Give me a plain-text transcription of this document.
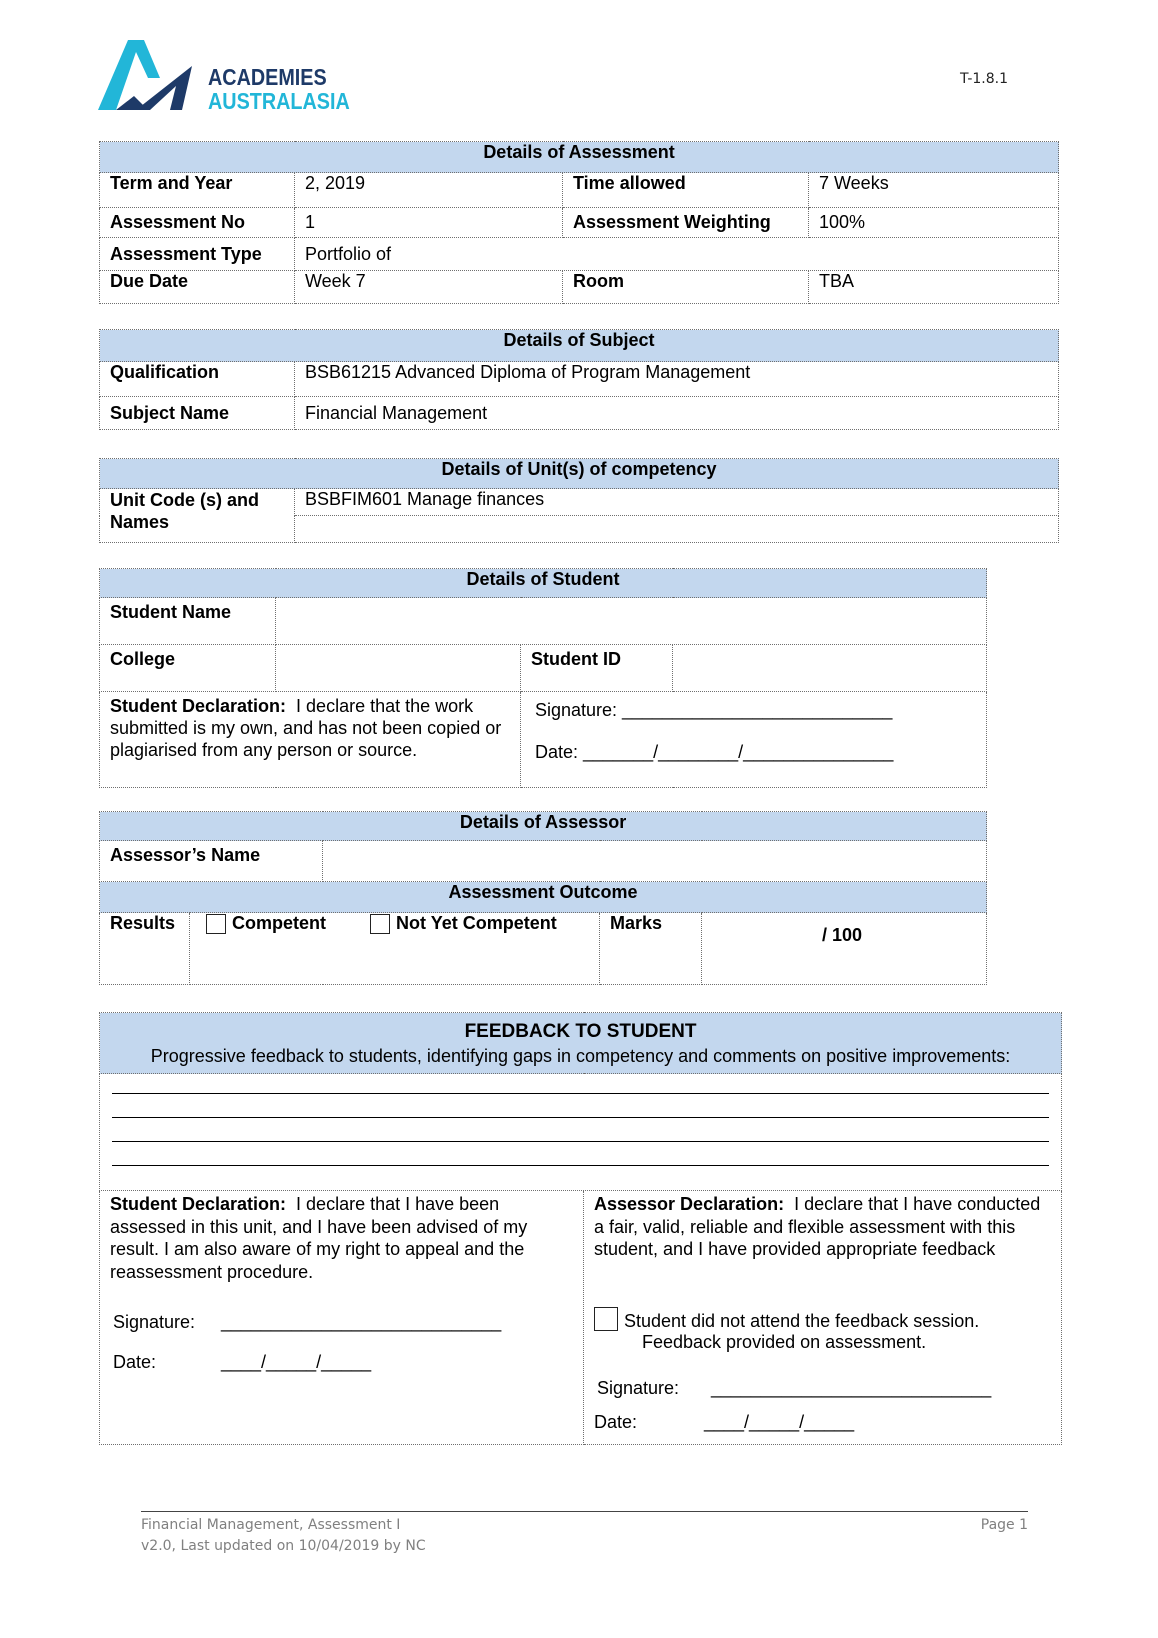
ACADEMIES
AUSTRALASIA
T-1.8.1
Details of Assessment			
Term and Year	2, 2019	Time allowed	7 Weeks
Assessment No	1	Assessment Weighting	100%
Assessment Type	Portfolio of		
Due Date	Week 7	Room	TBA
Details of Subject	
Qualification	BSB61215 Advanced Diploma of Program Management
Subject Name	Financial Management
Details of Unit(s) of competency
Unit Code (s) and Names	BSBFIM601 Manage finances

Details of Student			
Student Name			
College		Student ID	
Student Declaration: I declare that the work submitted is my own, and has not been copied or plagiarised from any person or source.		Signature: ___________________________
Date: _______/________/_______________	
Details of Assessor				
Assessor’s Name				
Assessment Outcome				
Results	Competent Not Yet Competent		Marks	/ 100
FEEDBACK TO STUDENT
Progressive feedback to students, identifying gaps in competency and comments on positive improvements:

Student Declaration: I declare that I have been assessed in this unit, and I have been advised of my result. I am also aware of my right to appeal and the reassessment procedure.
Signature: ____________________________
Date:	____/_____/_____

Assessor Declaration: I declare that I have conducted a fair, valid, reliable and flexible assessment with this student, and I have provided appropriate feedback
Student did not attend the feedback session.
Feedback provided on assessment.
Signature: ____________________________
Date:	____/_____/_____
Financial Management, Assessment I
v2.0, Last updated on 10/04/2019 by NC
Page 1
